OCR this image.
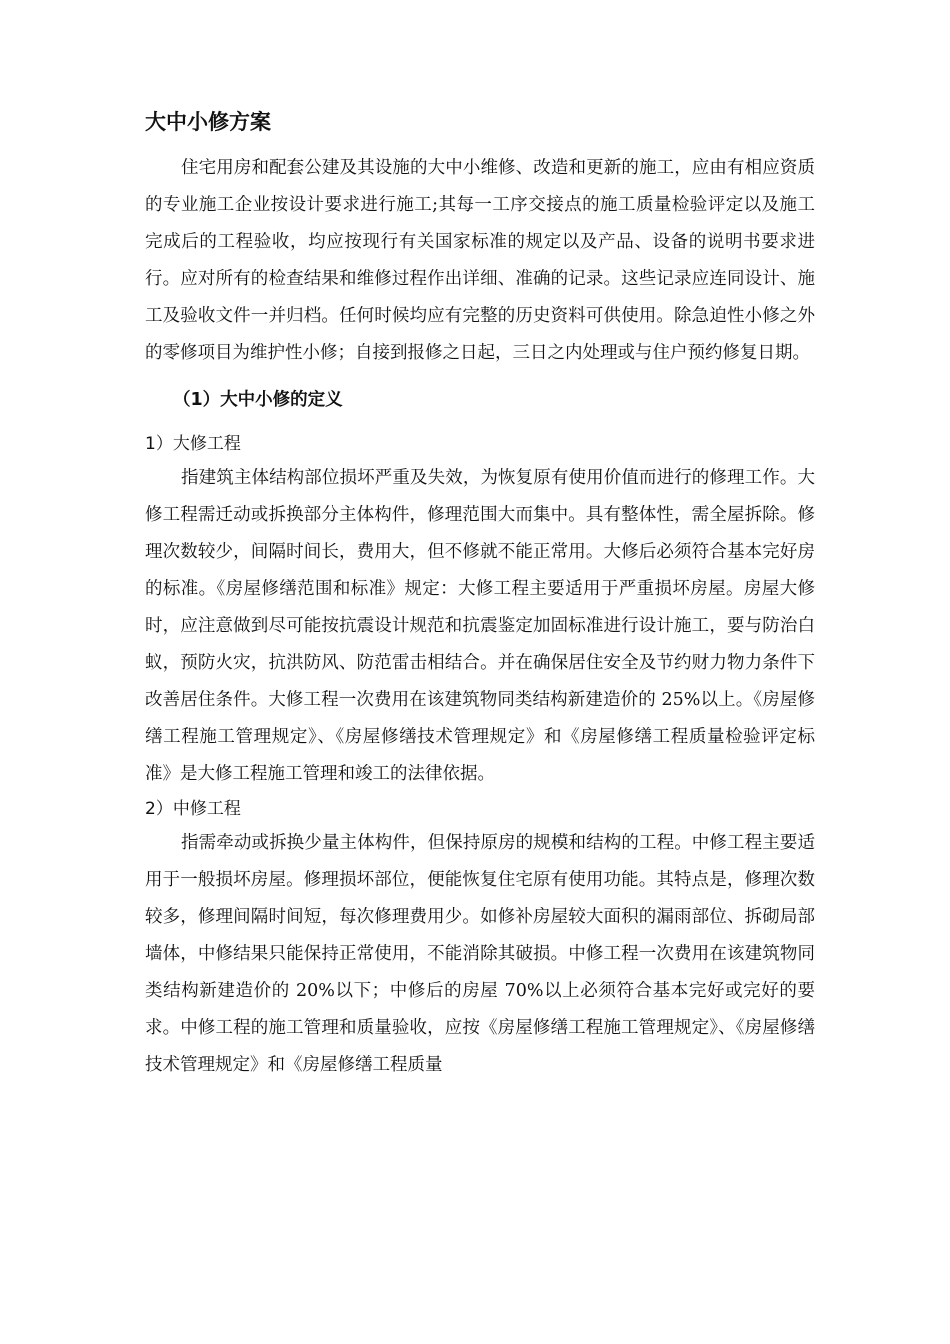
大中小修方案

住宅用房和配套公建及其设施的大中小维修、改造和更新的施工，应由有相应资质的专业施工企业按设计要求进行施工;其每一工序交接点的施工质量检验评定以及施工完成后的工程验收，均应按现行有关国家标准的规定以及产品、设备的说明书要求进行。应对所有的检查结果和维修过程作出详细、准确的记录。这些记录应连同设计、施工及验收文件一并归档。任何时候均应有完整的历史资料可供使用。除急迫性小修之外的零修项目为维护性小修；自接到报修之日起，三日之内处理或与住户预约修复日期。

（1）大中小修的定义
1）大修工程

指建筑主体结构部位损坏严重及失效，为恢复原有使用价值而进行的修理工作。大修工程需迁动或拆换部分主体构件，修理范围大而集中。具有整体性，需全屋拆除。修理次数较少，间隔时间长，费用大，但不修就不能正常用。大修后必须符合基本完好房的标准。《房屋修缮范围和标准》规定：大修工程主要适用于严重损坏房屋。房屋大修时，应注意做到尽可能按抗震设计规范和抗震鉴定加固标准进行设计施工，要与防治白蚁，预防火灾，抗洪防风、防范雷击相结合。并在确保居住安全及节约财力物力条件下改善居住条件。大修工程一次费用在该建筑物同类结构新建造价的 25%以上。《房屋修缮工程施工管理规定》、《房屋修缮技术管理规定》和《房屋修缮工程质量检验评定标准》是大修工程施工管理和竣工的法律依据。

2）中修工程

指需牵动或拆换少量主体构件，但保持原房的规模和结构的工程。中修工程主要适用于一般损坏房屋。修理损坏部位，便能恢复住宅原有使用功能。其特点是，修理次数较多，修理间隔时间短，每次修理费用少。如修补房屋较大面积的漏雨部位、拆砌局部墙体，中修结果只能保持正常使用，不能消除其破损。中修工程一次费用在该建筑物同类结构新建造价的 20%以下；中修后的房屋 70%以上必须符合基本完好或完好的要求。中修工程的施工管理和质量验收，应按《房屋修缮工程施工管理规定》、《房屋修缮技术管理规定》和《房屋修缮工程质量
